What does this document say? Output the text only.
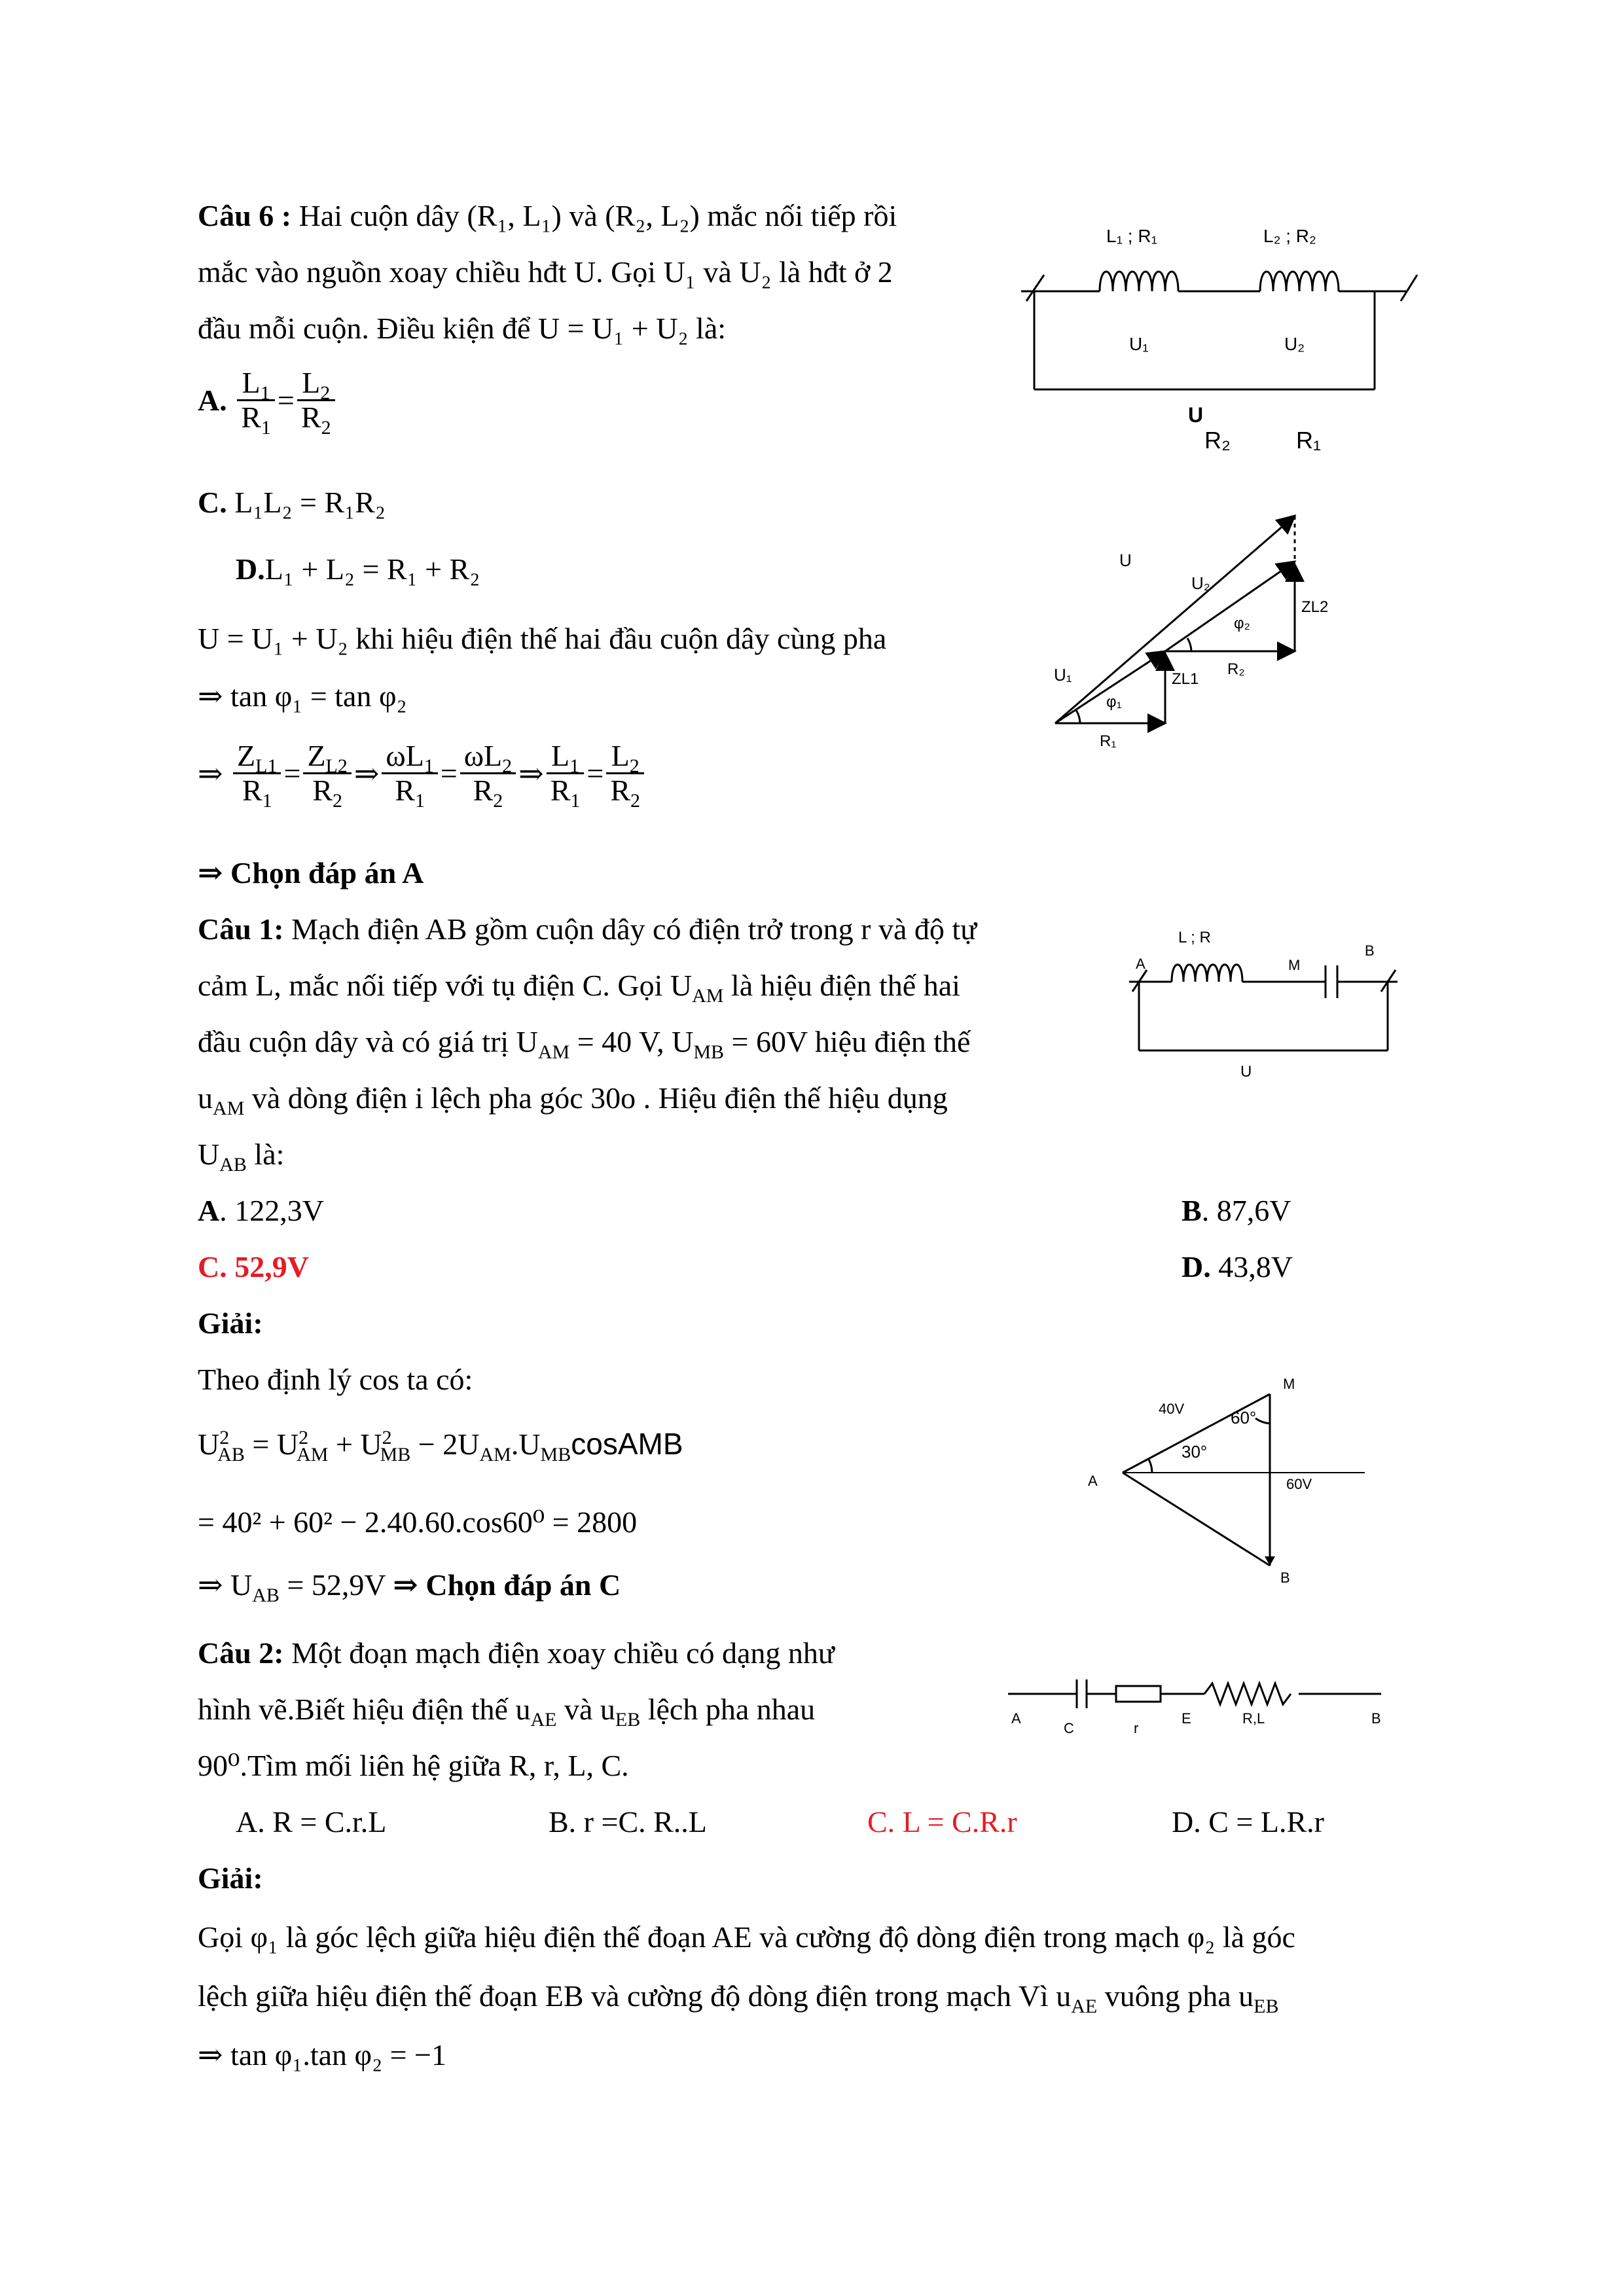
Câu 6 : Hai cuộn dây (R₁, L₁) và (R₂, L₂) mắc nối tiếp rồi
mắc vào nguồn xoay chiều hđt U. Gọi U₁ và U₂ là hđt ở 2
đầu mỗi cuộn. Điều kiện để U = U₁ + U₂ là:
A. $\frac{L_1}{R_1} = \frac{L_2}{R_2}$
C. L₁L₂ = R₁R₂
D.L₁ + L₂ = R₁ + R₂
U = U₁ + U₂ khi hiệu điện thế hai đầu cuộn dây cùng pha
⇒ tan φ₁ = tan φ₂
⇒ $\frac{Z_{L1}}{R_1} = \frac{Z_{L2}}{R_2}$ ⇒ $\frac{\omega L_1}{R_1} = \frac{\omega L_2}{R_2}$ ⇒ $\frac{L_1}{R_1} = \frac{L_2}{R_2}$
⇒ Chọn đáp án A
L₁ ; R₁	L₂ ; R₂
U₁	U₂
U
R₂	R₁
U
U₁
U₂
φ₁
φ₂
ZL1
ZL2
R₁
R₂
Câu 1: Mạch điện AB gồm cuộn dây có điện trở trong r và độ tự
cảm L, mắc nối tiếp với tụ điện C. Gọi $U_{AM}$ là hiệu điện thế hai
đầu cuộn dây và có giá trị $U_{AM} = 40$ V, $U_{MB} = 60V$ hiệu điện thế
$u_{AM}$ và dòng điện i lệch pha góc 30o . Hiệu điện thế hiệu dụng
$U_{AB}$ là:
A. 122,3V	B. 87,6V
C. 52,9V	D. 43,8V
Giải:
Theo định lý cos ta có:
$U^2_{AB} = U^2_{AM} + U^2_{MB}$ − $2U_{AM}.U_{MB}cosAMB$
= 40² + 60² − 2.40.60.cos60⁰ = 2800
⇒ $U_{AB} = 52,9V$ ⇒ Chọn đáp án C
L ; R
A	M
B
U
M
A
B
40V
60V
60°
30°
Câu 2: Một đoạn mạch điện xoay chiều có dạng như
hình vẽ.Biết hiệu điện thế $u_{AE}$ và $u_{EB}$ lệch pha nhau
90⁰.Tìm mối liên hệ giữa R, r, L, C.
A. R = C.r.L	B. r =C. R..L	C. L = C.R.r	D. C = L.R.r
Giải:
Gọi φ₁ là góc lệch giữa hiệu điện thế đoạn AE và cường độ dòng điện trong mạch φ₂ là góc
lệch giữa hiệu điện thế đoạn EB và cường độ dòng điện trong mạch Vì $u_{AE}$ vuông pha $u_{EB}$
⇒ tan φ₁.tan φ₂ = −1
A
C	r
E	R,L	B
